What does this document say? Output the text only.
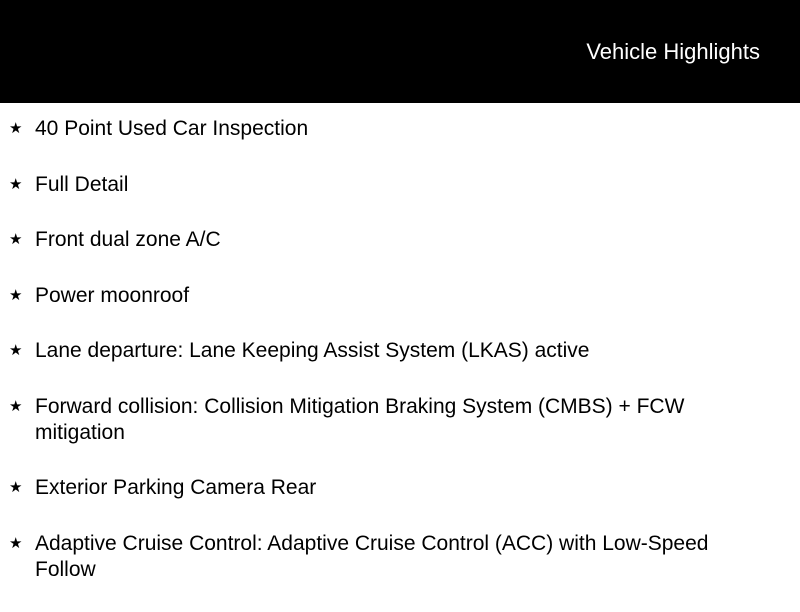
Vehicle Highlights
★ 40 Point Used Car Inspection
★ Full Detail
★ Front dual zone A/C
★ Power moonroof
★ Lane departure: Lane Keeping Assist System (LKAS) active
★ Forward collision: Collision Mitigation Braking System (CMBS) + FCW mitigation
★ Exterior Parking Camera Rear
★ Adaptive Cruise Control: Adaptive Cruise Control (ACC) with Low-Speed Follow
